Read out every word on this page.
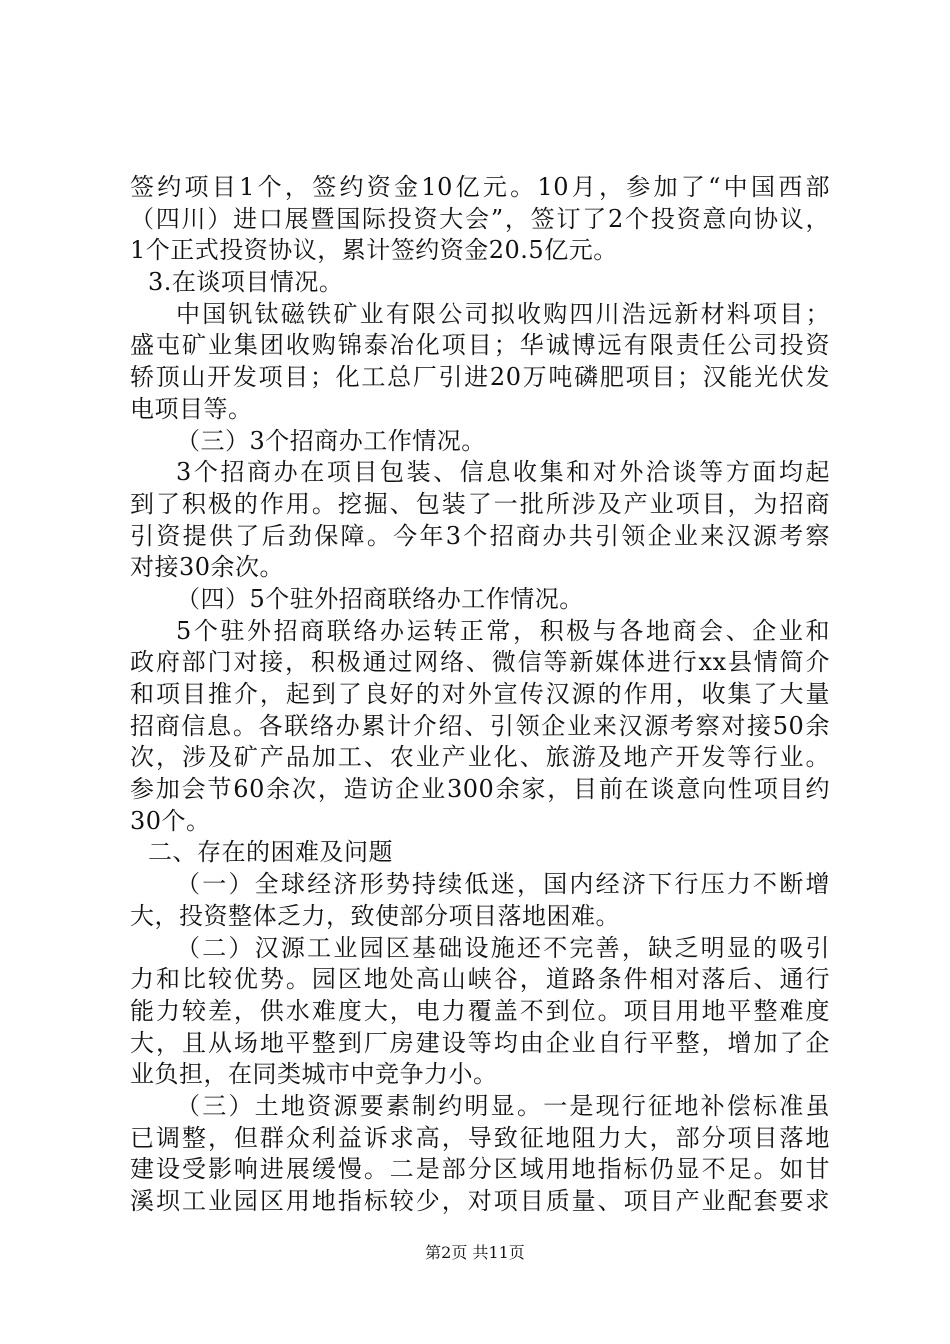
签约项目1个，签约资金10亿元。10月，参加了“中国西部
（四川）进口展暨国际投资大会”，签订了2个投资意向协议，
1个正式投资协议，累计签约资金20.5亿元。
3.在谈项目情况。
中国钒钛磁铁矿业有限公司拟收购四川浩远新材料项目；
盛屯矿业集团收购锦泰冶化项目；华诚博远有限责任公司投资
轿顶山开发项目；化工总厂引进20万吨磷肥项目；汉能光伏发
电项目等。
（三）3个招商办工作情况。
3个招商办在项目包装、信息收集和对外洽谈等方面均起
到了积极的作用。挖掘、包装了一批所涉及产业项目，为招商
引资提供了后劲保障。今年3个招商办共引领企业来汉源考察
对接30余次。
（四）5个驻外招商联络办工作情况。
5个驻外招商联络办运转正常，积极与各地商会、企业和
政府部门对接，积极通过网络、微信等新媒体进行xx县情简介
和项目推介，起到了良好的对外宣传汉源的作用，收集了大量
招商信息。各联络办累计介绍、引领企业来汉源考察对接50余
次，涉及矿产品加工、农业产业化、旅游及地产开发等行业。
参加会节60余次，造访企业300余家，目前在谈意向性项目约
30个。
二、存在的困难及问题
（一）全球经济形势持续低迷，国内经济下行压力不断增
大，投资整体乏力，致使部分项目落地困难。
（二）汉源工业园区基础设施还不完善，缺乏明显的吸引
力和比较优势。园区地处高山峡谷，道路条件相对落后、通行
能力较差，供水难度大，电力覆盖不到位。项目用地平整难度
大，且从场地平整到厂房建设等均由企业自行平整，增加了企
业负担，在同类城市中竞争力小。
（三）土地资源要素制约明显。一是现行征地补偿标准虽
已调整，但群众利益诉求高，导致征地阻力大，部分项目落地
建设受影响进展缓慢。二是部分区域用地指标仍显不足。如甘
溪坝工业园区用地指标较少，对项目质量、项目产业配套要求
第2页 共11页
